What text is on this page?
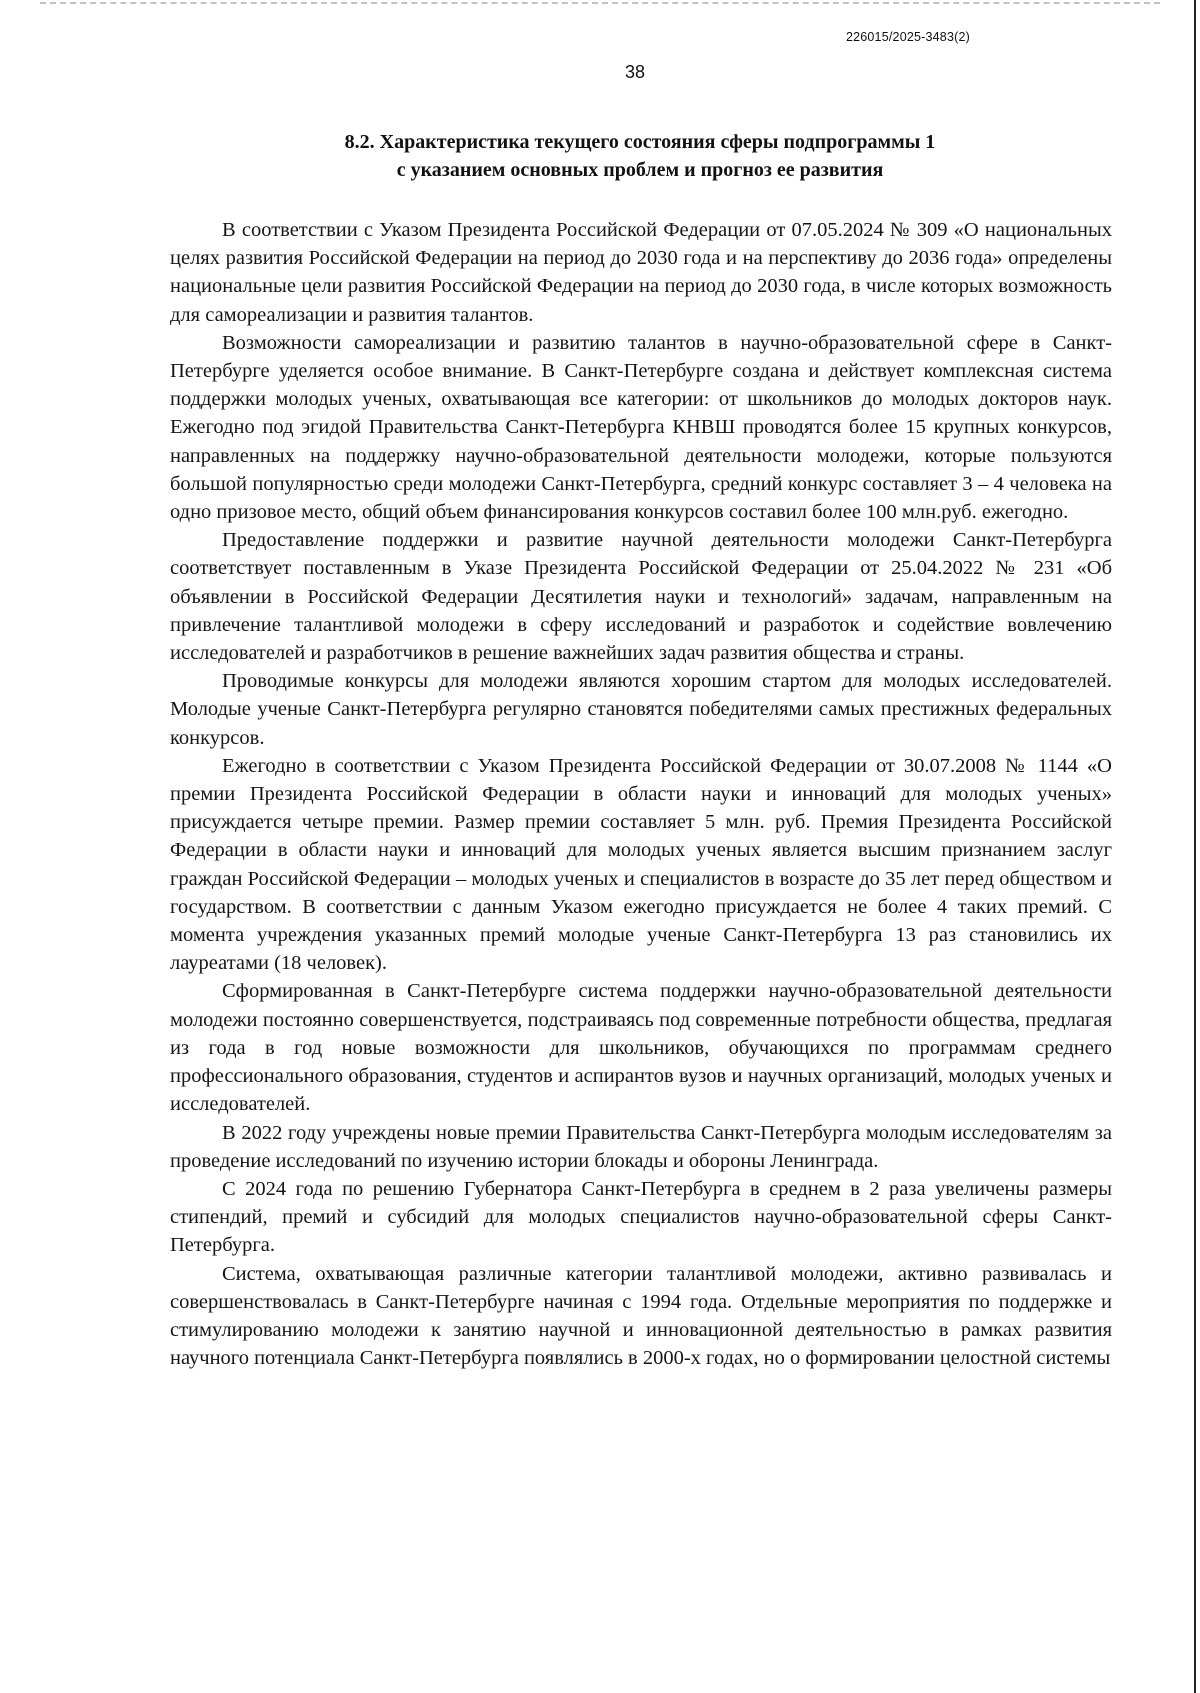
226015/2025-3483(2)
38
8.2. Характеристика текущего состояния сферы подпрограммы 1
с указанием основных проблем и прогноз ее развития

В соответствии с Указом Президента Российской Федерации от 07.05.2024 № 309 «О национальных целях развития Российской Федерации на период до 2030 года и на перспективу до 2036 года» определены национальные цели развития Российской Федерации на период до 2030 года, в числе которых возможность для самореализации и развития талантов.

Возможности самореализации и развитию талантов в научно-образовательной сфере в Санкт-Петербурге уделяется особое внимание. В Санкт-Петербурге создана и действует комплексная система поддержки молодых ученых, охватывающая все категории: от школьников до молодых докторов наук. Ежегодно под эгидой Правительства Санкт-Петербурга КНВШ проводятся более 15 крупных конкурсов, направленных на поддержку научно-образовательной деятельности молодежи, которые пользуются большой популярностью среди молодежи Санкт-Петербурга, средний конкурс составляет 3 – 4 человека на одно призовое место, общий объем финансирования конкурсов составил более 100 млн.руб. ежегодно.

Предоставление поддержки и развитие научной деятельности молодежи Санкт-Петербурга соответствует поставленным в Указе Президента Российской Федерации от 25.04.2022 № 231 «Об объявлении в Российской Федерации Десятилетия науки и технологий» задачам, направленным на привлечение талантливой молодежи в сферу исследований и разработок и содействие вовлечению исследователей и разработчиков в решение важнейших задач развития общества и страны.

Проводимые конкурсы для молодежи являются хорошим стартом для молодых исследователей. Молодые ученые Санкт-Петербурга регулярно становятся победителями самых престижных федеральных конкурсов.

Ежегодно в соответствии с Указом Президента Российской Федерации от 30.07.2008 № 1144 «О премии Президента Российской Федерации в области науки и инноваций для молодых ученых» присуждается четыре премии. Размер премии составляет 5 млн. руб. Премия Президента Российской Федерации в области науки и инноваций для молодых ученых является высшим признанием заслуг граждан Российской Федерации – молодых ученых и специалистов в возрасте до 35 лет перед обществом и государством. В соответствии с данным Указом ежегодно присуждается не более 4 таких премий. С момента учреждения указанных премий молодые ученые Санкт-Петербурга 13 раз становились их лауреатами (18 человек).

Сформированная в Санкт-Петербурге система поддержки научно-образовательной деятельности молодежи постоянно совершенствуется, подстраиваясь под современные потребности общества, предлагая из года в год новые возможности для школьников, обучающихся по программам среднего профессионального образования, студентов и аспирантов вузов и научных организаций, молодых ученых и исследователей.

В 2022 году учреждены новые премии Правительства Санкт-Петербурга молодым исследователям за проведение исследований по изучению истории блокады и обороны Ленинграда.

С 2024 года по решению Губернатора Санкт-Петербурга в среднем в 2 раза увеличены размеры стипендий, премий и субсидий для молодых специалистов научно-образовательной сферы Санкт-Петербурга.

Система, охватывающая различные категории талантливой молодежи, активно развивалась и совершенствовалась в Санкт-Петербурге начиная с 1994 года. Отдельные мероприятия по поддержке и стимулированию молодежи к занятию научной и инновационной деятельностью в рамках развития научного потенциала Санкт-Петербурга появлялись в 2000-х годах, но о формировании целостной системы
